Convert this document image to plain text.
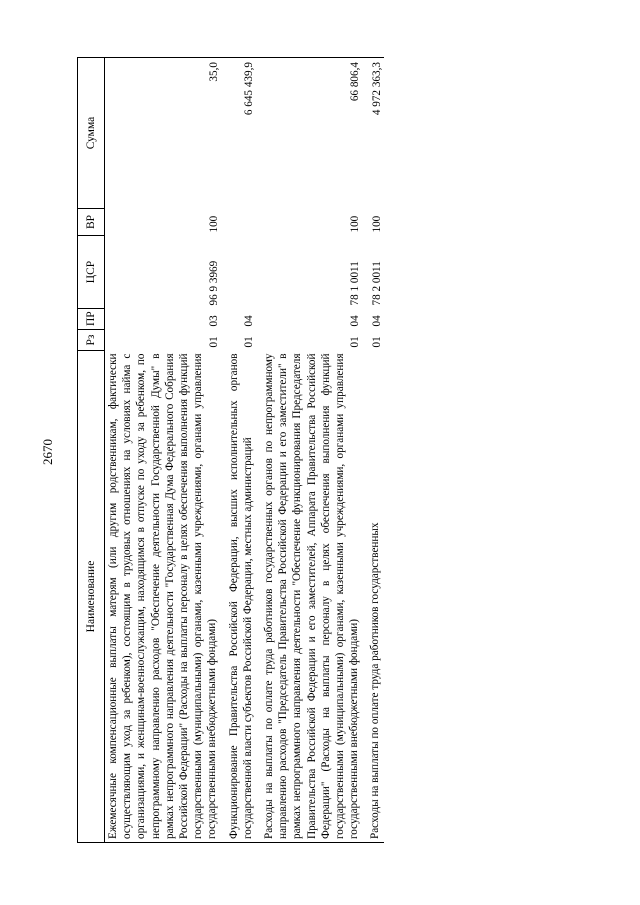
2670
Наименование	Рз	ПР	ЦСР	ВР	Сумма
Ежемесячные компенсационные выплаты матерям (или другим родственникам, фактически осуществляющим уход за ребенком), состоящим в трудовых отношениях на условиях найма с организациями, и женщинам-военнослужащим, находящимся в отпуске по уходу за ребенком, по непрограммному направлению расходов "Обеспечение деятельности Государственной Думы" в рамках непрограммного направления деятельности "Государственная Дума Федерального Собрания Российской Федерации" (Расходы на выплаты персоналу в целях обеспечения выполнения функций государственными (муниципальными) органами, казенными учреждениями, органами управления государственными внебюджетными фондами)	01	03	96 9 3969	100	35,0
Функционирование Правительства Российской Федерации, высших исполнительных органов государственной власти субъектов Российской Федерации, местных администраций	01	04			6 645 439,9
Расходы на выплаты по оплате труда работников государственных органов по непрограммному направлению расходов "Председатель Правительства Российской Федерации и его заместители" в рамках непрограммного направления деятельности "Обеспечение функционирования Председателя Правительства Российской Федерации и его заместителей, Аппарата Правительства Российской Федерации" (Расходы на выплаты персоналу в целях обеспечения выполнения функций государственными (муниципальными) органами, казенными учреждениями, органами управления государственными внебюджетными фондами)	01	04	78 1 0011	100	66 806,4
Расходы на выплаты по оплате труда работников государственных	01	04	78 2 0011	100	4 972 363,3
